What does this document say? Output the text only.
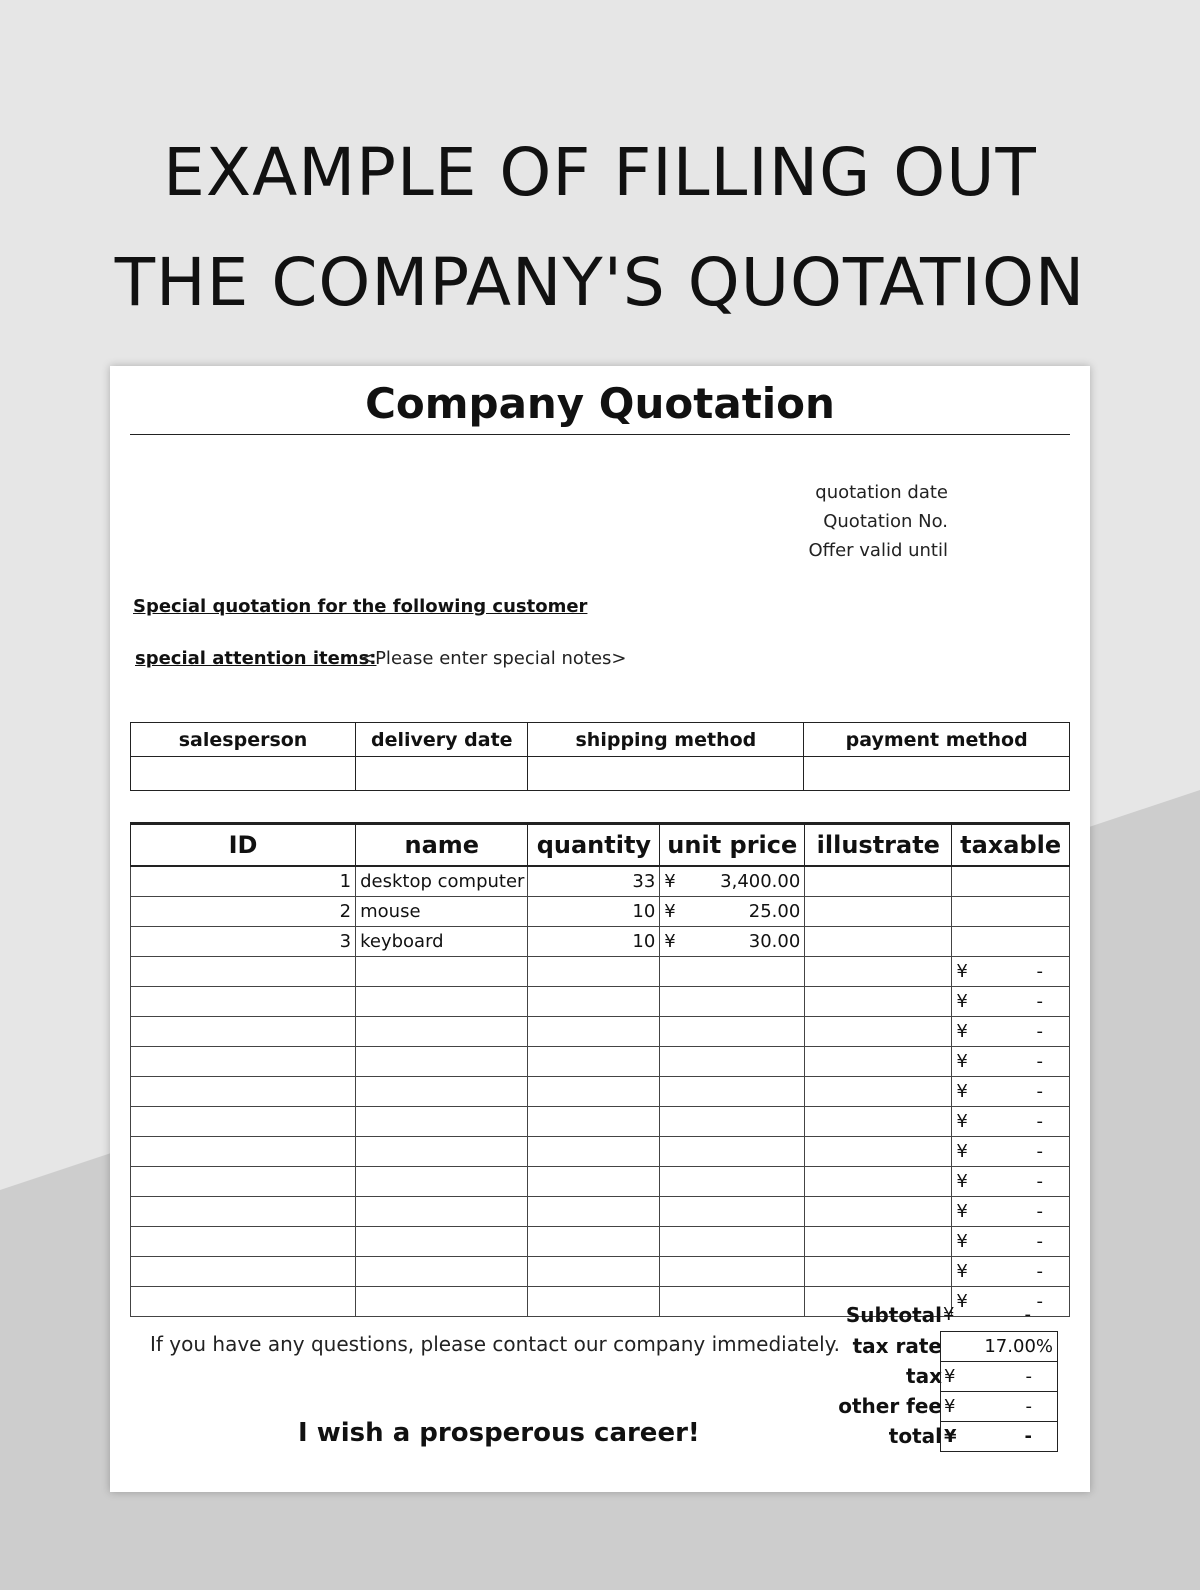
EXAMPLE OF FILLING OUT
THE COMPANY'S QUOTATION
Company Quotation
quotation date
Quotation No.
Offer valid until
Special quotation for the following customer
special attention items:
<Please enter special notes>
salesperson	delivery date	shipping method	payment method

ID	name	quantity	unit price	illustrate	taxable
1	desktop computer	33	¥ 3,400.00		

2	mouse	10	¥ 25.00		

3	keyboard	10	¥ 30.00		

					¥ -

					¥ -

					¥ -

					¥ -

					¥ -

					¥ -

					¥ -

					¥ -

					¥ -

					¥ -

					¥ -

					¥ -
If you have any questions, please contact our company immediately.
I wish a prosperous career!
Subtotal ¥	-
tax rate 17.00%
tax ¥	-
other fee ¥	-
total ¥	-
